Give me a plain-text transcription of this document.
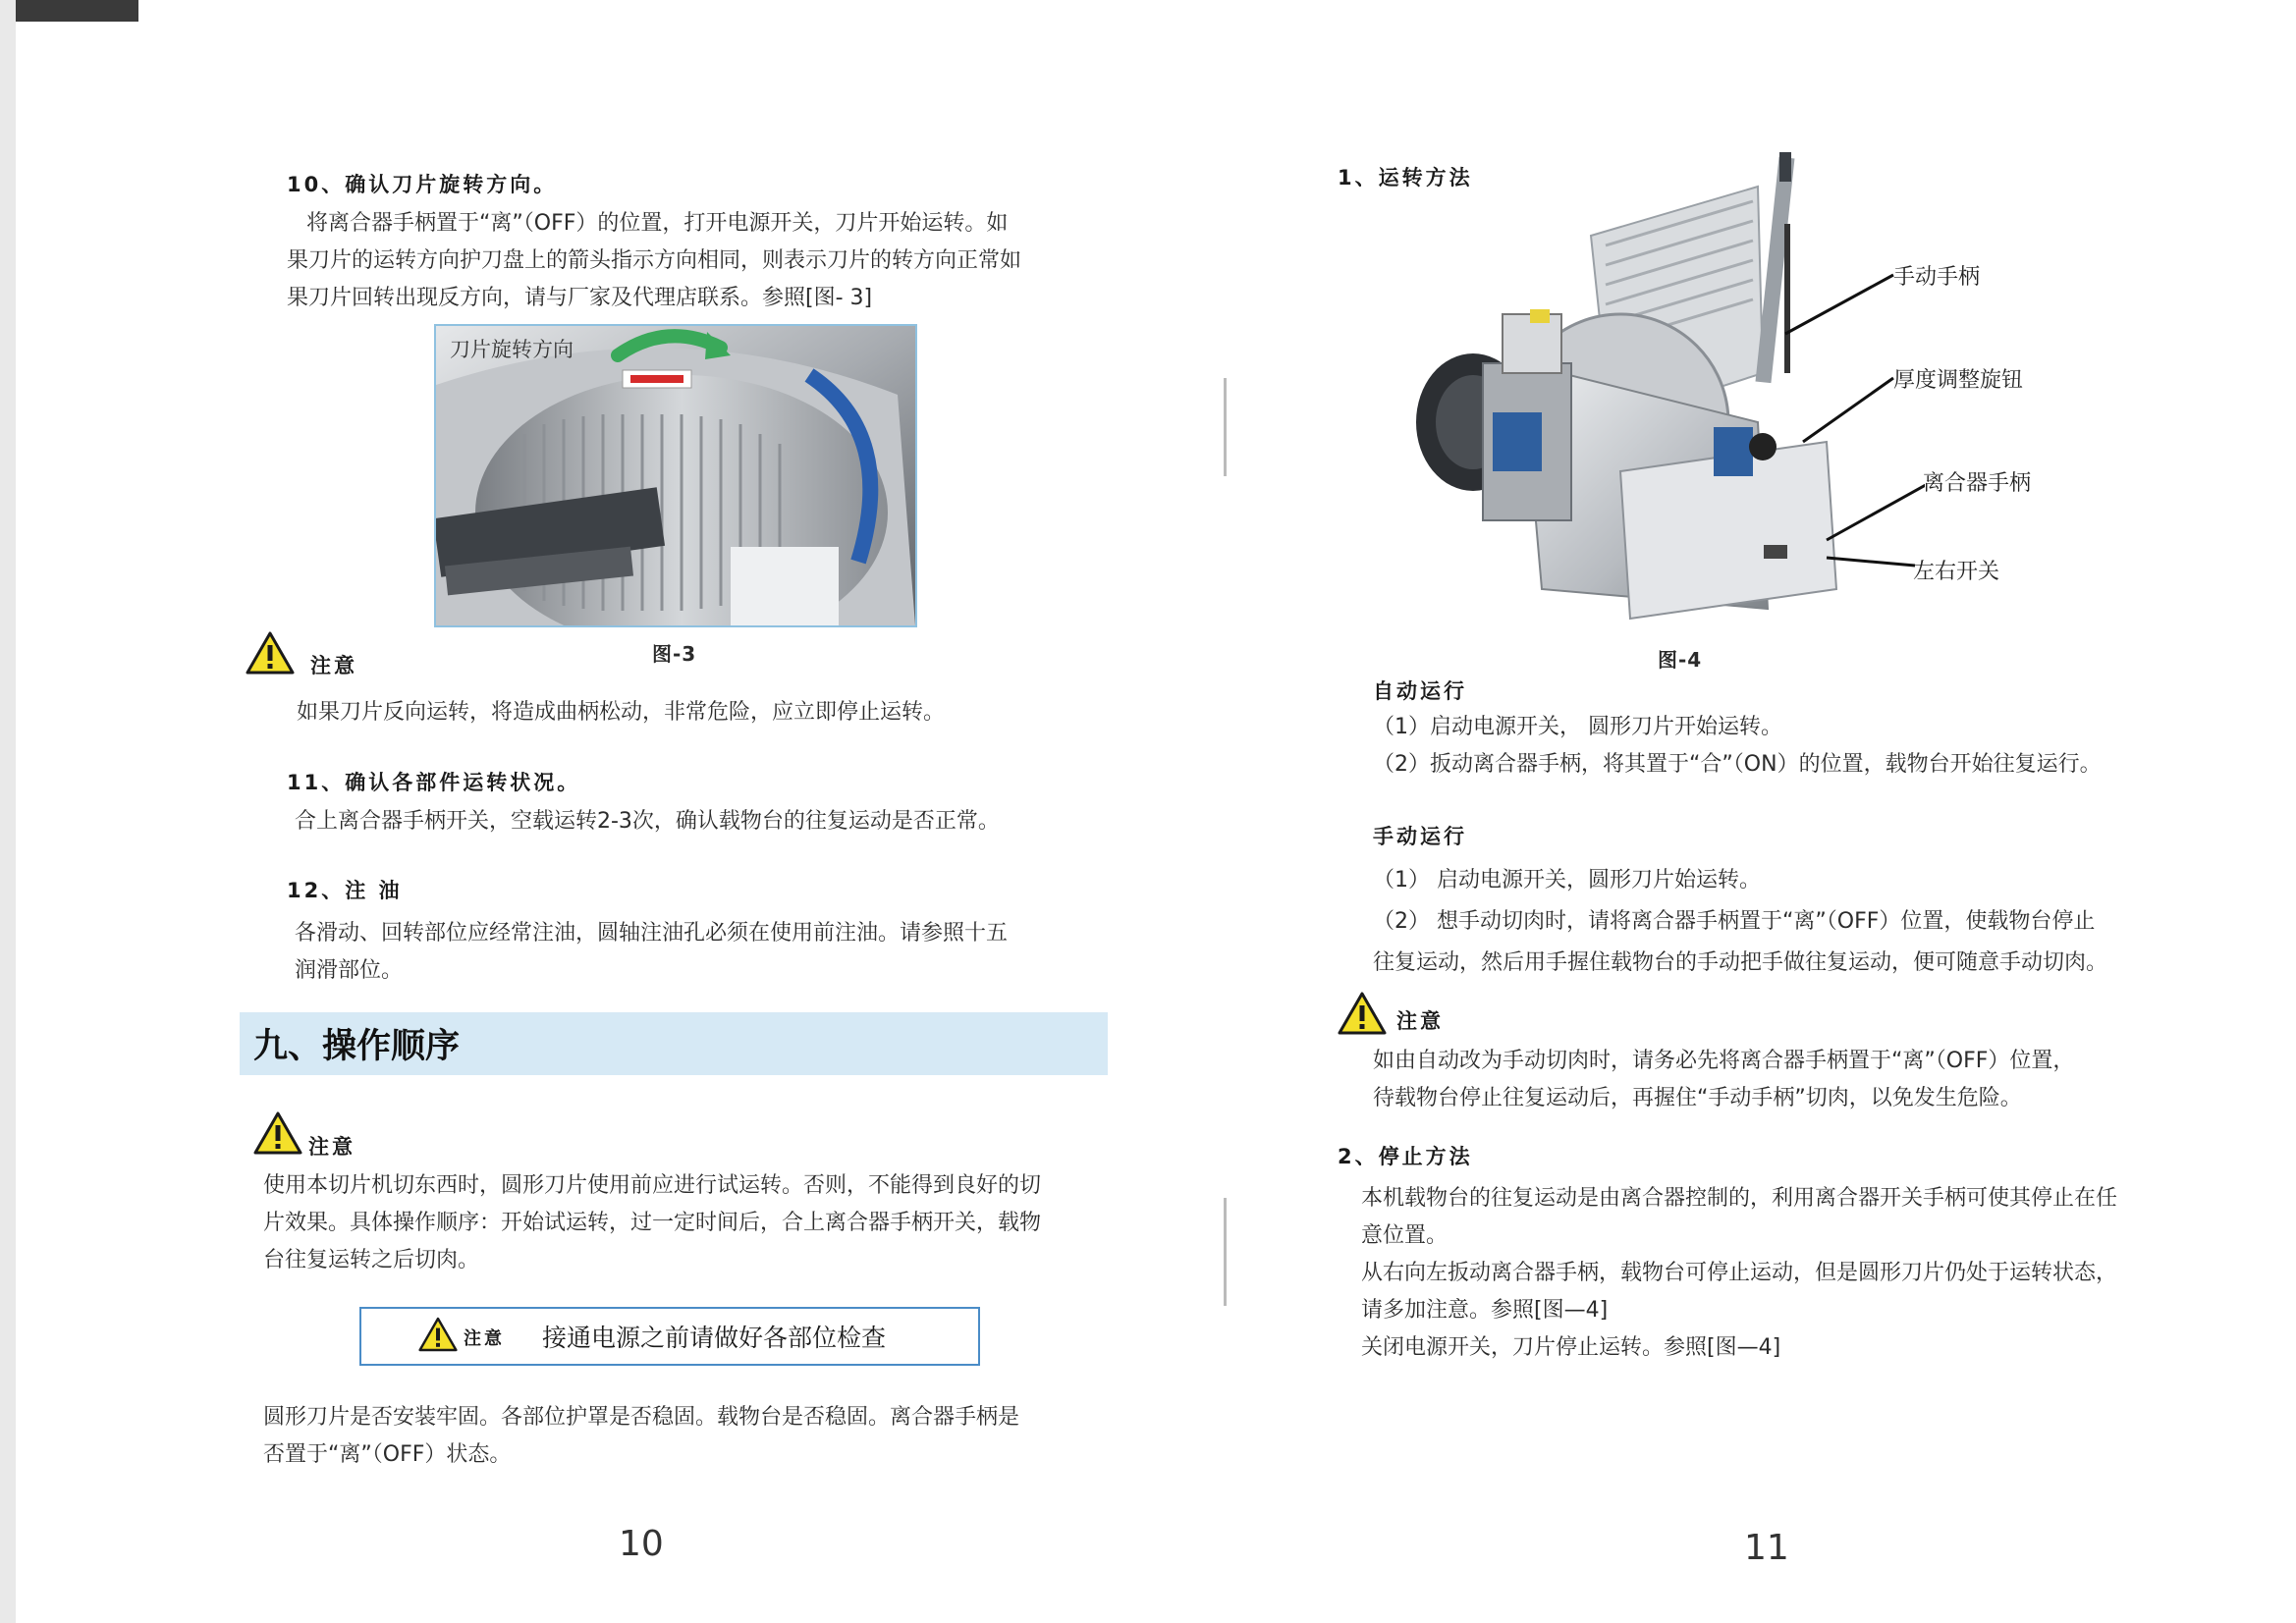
10、确认刀片旋转方向。
将离合器手柄置于“离”（OFF）的位置，打开电源开关，刀片开始运转。如
果刀片的运转方向护刀盘上的箭头指示方向相同，则表示刀片的转方向正常如
果刀片回转出现反方向，请与厂家及代理店联系。参照[图- 3]
刀片旋转方向
注意	图-3
如果刀片反向运转，将造成曲柄松动，非常危险，应立即停止运转。
11、确认各部件运转状况。
合上离合器手柄开关，空载运转2-3次，确认载物台的往复运动是否正常。
12、注 油
各滑动、回转部位应经常注油，圆轴注油孔必须在使用前注油。请参照十五
润滑部位。
九、操作顺序
注意
使用本切片机切东西时，圆形刀片使用前应进行试运转。否则，不能得到良好的切
片效果。具体操作顺序：开始试运转，过一定时间后，合上离合器手柄开关，载物
台往复运转之后切肉。
注意 接通电源之前请做好各部位检查
圆形刀片是否安装牢固。各部位护罩是否稳固。载物台是否稳固。离合器手柄是
否置于“离”（OFF）状态。
10
1、运转方法
手动手柄
厚度调整旋钮
离合器手柄
左右开关
图-4
自动运行
（1）启动电源开关， 圆形刀片开始运转。
（2）扳动离合器手柄，将其置于“合”（ON）的位置，载物台开始往复运行。
手动运行
（1） 启动电源开关，圆形刀片始运转。
（2） 想手动切肉时，请将离合器手柄置于“离”（OFF）位置，使载物台停止
往复运动，然后用手握住载物台的手动把手做往复运动，便可随意手动切肉。
注意
如由自动改为手动切肉时，请务必先将离合器手柄置于“离”（OFF）位置，
待载物台停止往复运动后，再握住“手动手柄”切肉，以免发生危险。
2、停止方法
本机载物台的往复运动是由离合器控制的，利用离合器开关手柄可使其停止在任
意位置。
从右向左扳动离合器手柄，载物台可停止运动，但是圆形刀片仍处于运转状态，
请多加注意。参照[图—4]
关闭电源开关，刀片停止运转。参照[图—4]
11
